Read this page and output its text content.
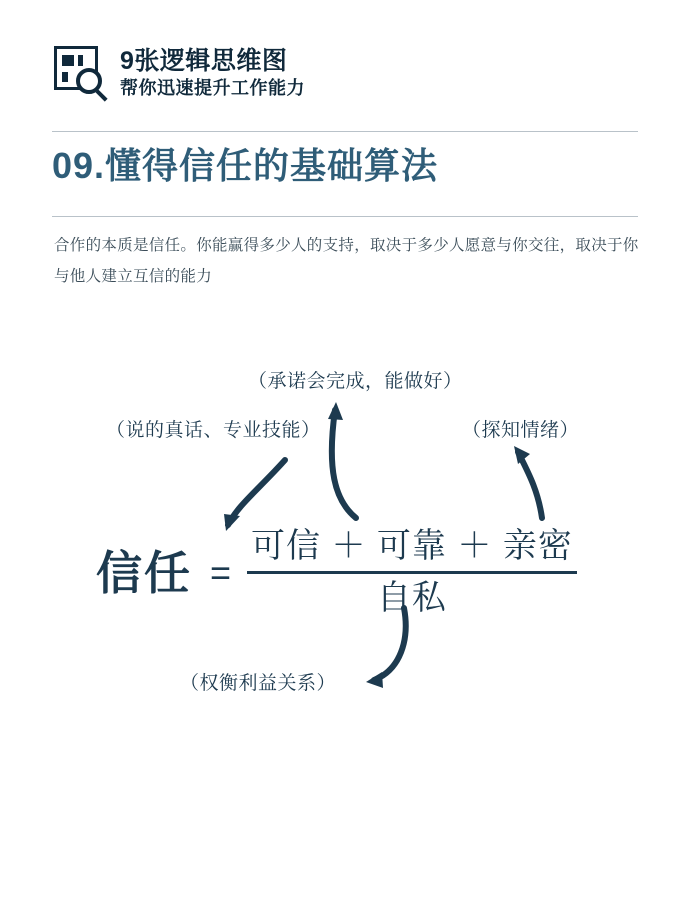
9张逻辑思维图
帮你迅速提升工作能力
09.懂得信任的基础算法
合作的本质是信任。你能赢得多少人的支持，取决于多少人愿意与你交往，取决于你与他人建立互信的能力
（承诺会完成，能做好）
（说的真话、专业技能）	（探知情绪）
（权衡利益关系）
信任 = $\frac{\text{可信 ＋ 可靠 ＋ 亲密}}{\text{自私}}$
